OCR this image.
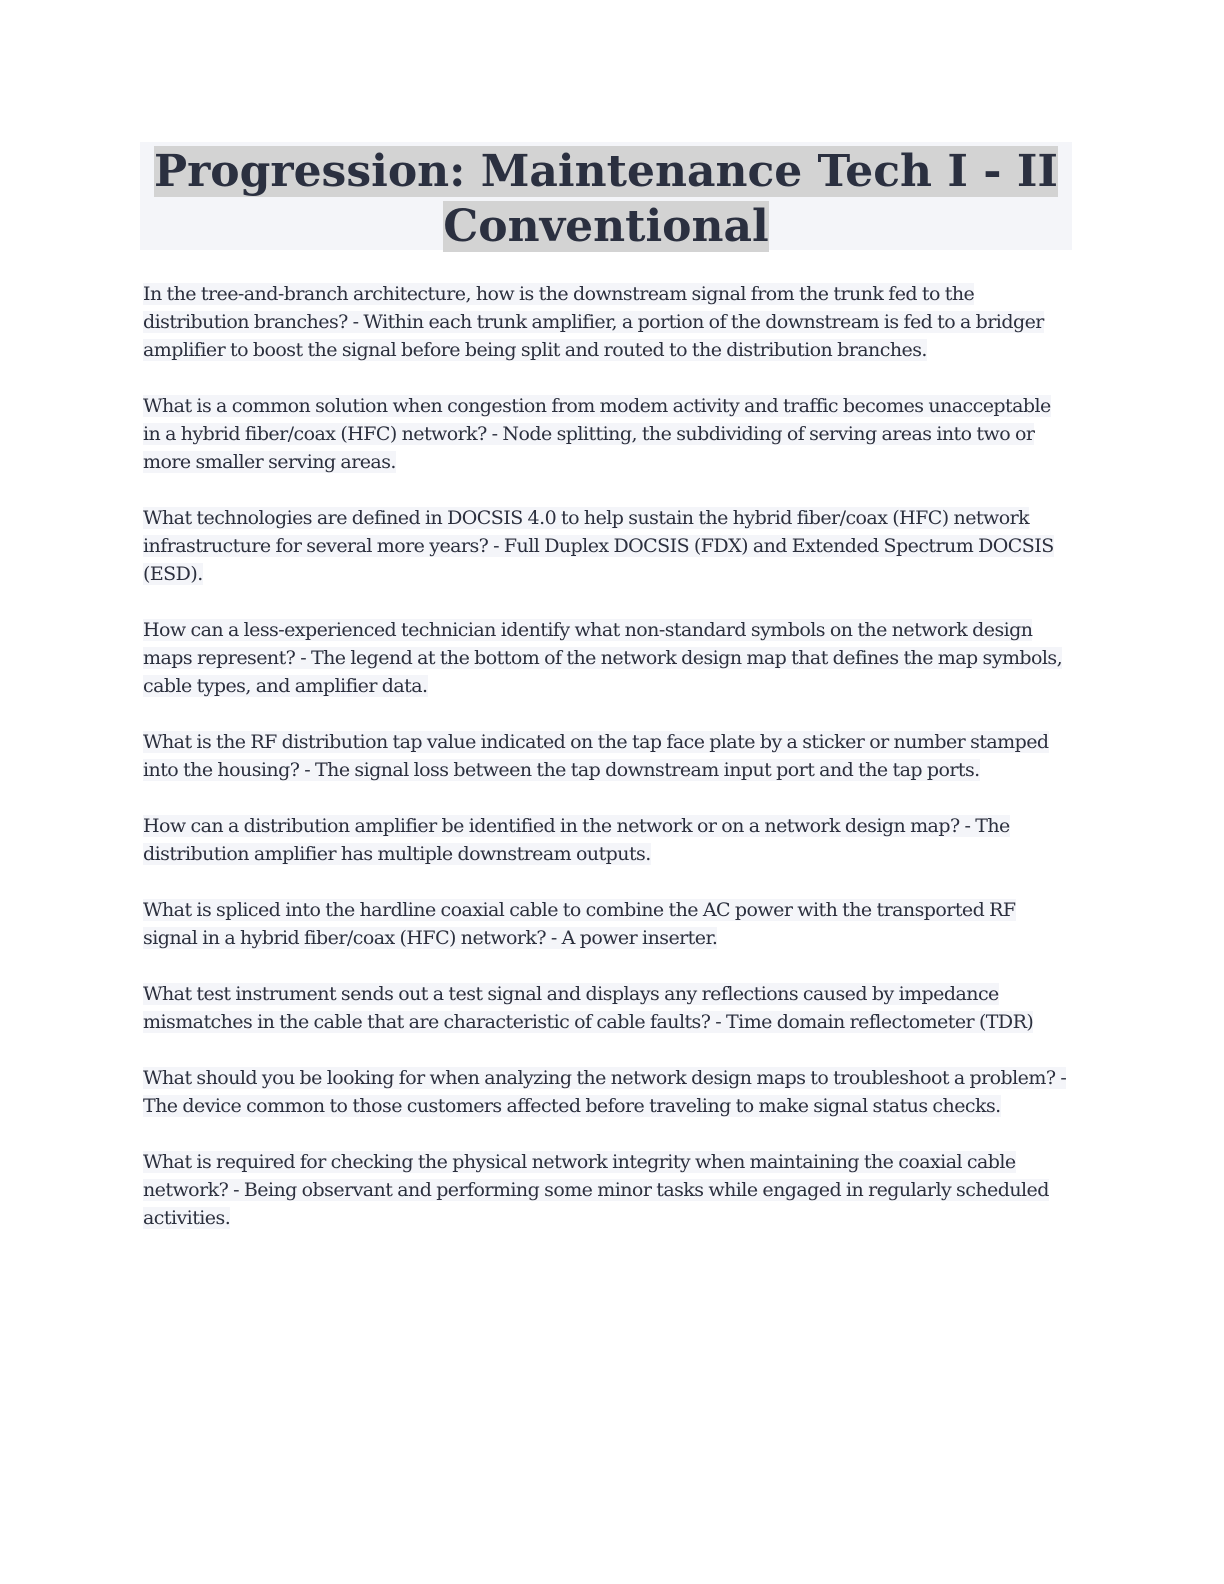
Progression: Maintenance Tech I - II Conventional

In the tree-and-branch architecture, how is the downstream signal from the trunk fed to the distribution branches? - Within each trunk amplifier, a portion of the downstream is fed to a bridger amplifier to boost the signal before being split and routed to the distribution branches.

What is a common solution when congestion from modem activity and traffic becomes unacceptable in a hybrid fiber/coax (HFC) network? - Node splitting, the subdividing of serving areas into two or more smaller serving areas.

What technologies are defined in DOCSIS 4.0 to help sustain the hybrid fiber/coax (HFC) network infrastructure for several more years? - Full Duplex DOCSIS (FDX) and Extended Spectrum DOCSIS (ESD).

How can a less-experienced technician identify what non-standard symbols on the network design maps represent? - The legend at the bottom of the network design map that defines the map symbols, cable types, and amplifier data.

What is the RF distribution tap value indicated on the tap face plate by a sticker or number stamped into the housing? - The signal loss between the tap downstream input port and the tap ports.

How can a distribution amplifier be identified in the network or on a network design map? - The distribution amplifier has multiple downstream outputs.

What is spliced into the hardline coaxial cable to combine the AC power with the transported RF signal in a hybrid fiber/coax (HFC) network? - A power inserter.

What test instrument sends out a test signal and displays any reflections caused by impedance mismatches in the cable that are characteristic of cable faults? - Time domain reflectometer (TDR)

What should you be looking for when analyzing the network design maps to troubleshoot a problem? - The device common to those customers affected before traveling to make signal status checks.

What is required for checking the physical network integrity when maintaining the coaxial cable network? - Being observant and performing some minor tasks while engaged in regularly scheduled activities.
